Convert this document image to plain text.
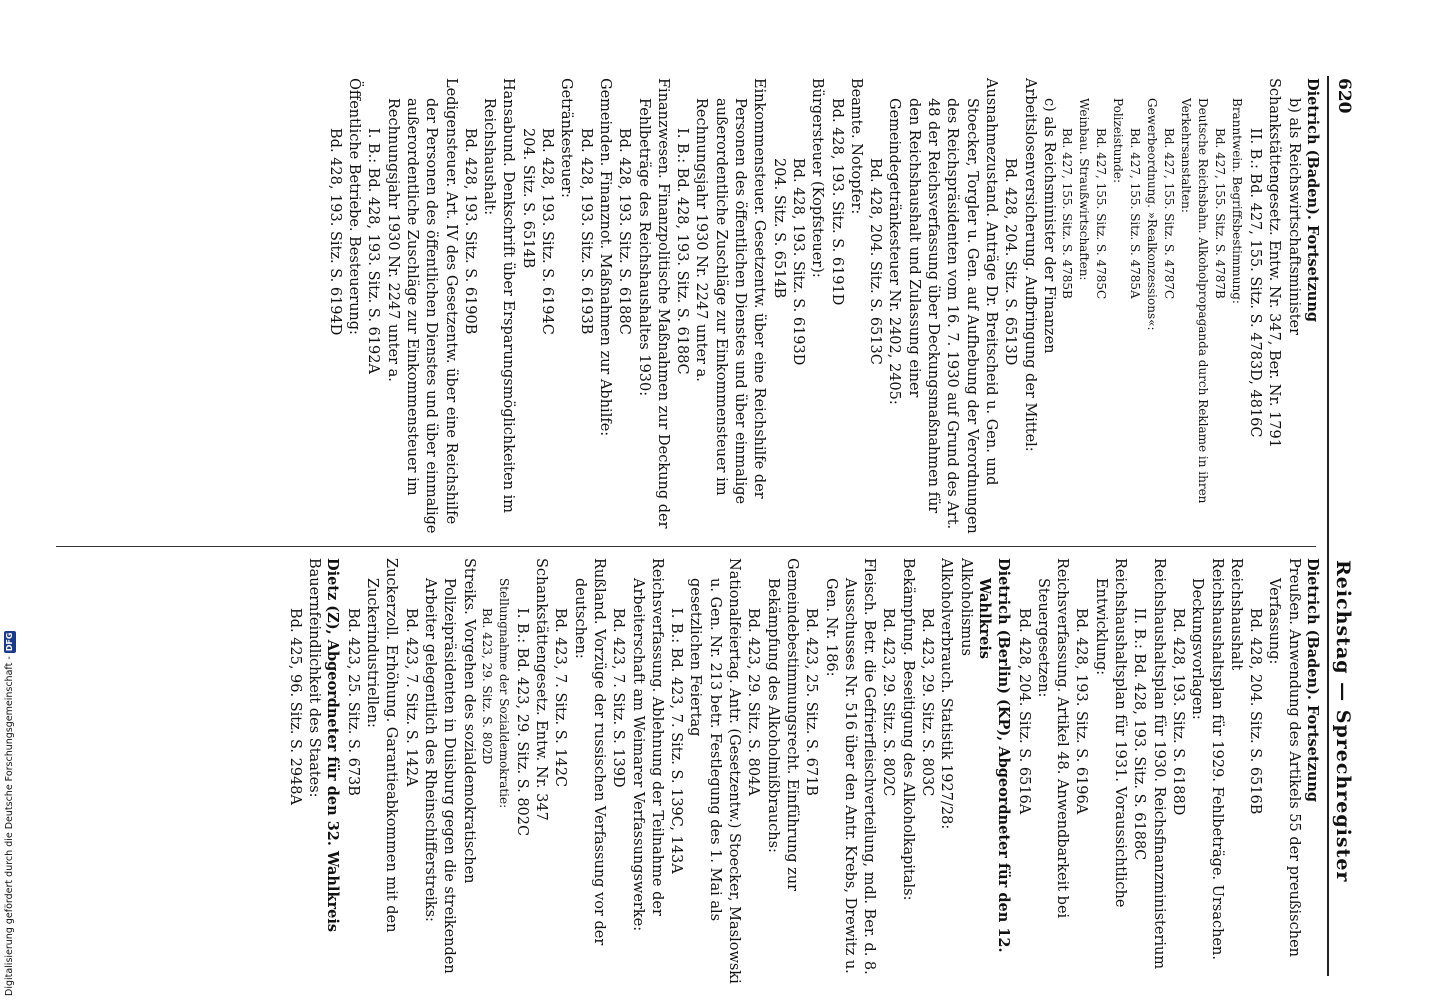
620
Reichstag — Sprechregister

Dietrich (Baden). Fortsetzung

b) als Reichswirtschaftsminister

Schankstättengesetz. Entw. Nr. 347, Ber. Nr. 1791

II. B.: Bd. 427, 155. Sitz. S. 4783D, 4816C

Branntwein. Begriffsbestimmung:

Bd. 427, 155. Sitz. S. 4787B

Deutsche Reichsbahn. Alkoholpropaganda durch Reklame in ihren Verkehrsanstalten:

Bd. 427, 155. Sitz. S. 4787C

Gewerbeordnung. »Realkonzessions«:

Bd. 427, 155. Sitz. S. 4785A

Polizeistunde:

Bd. 427, 155. Sitz. S. 4785C

Weinbau. Straußwirtschaften:

Bd. 427, 155. Sitz. S. 4785B

c) als Reichsminister der Finanzen

Arbeitslosenversicherung. Aufbringung der Mittel:

Bd. 428, 204. Sitz. S. 6513D

Ausnahmezustand. Anträge Dr. Breitscheid u. Gen. und Stoecker, Torgler u. Gen. auf Aufhebung der Verordnungen des Reichspräsidenten vom 16. 7. 1930 auf Grund des Art. 48 der Reichsverfassung über Deckungsmaßnahmen für den Reichshaushalt und Zulassung einer Gemeindegetränkesteuer Nr. 2402, 2405:

Bd. 428, 204. Sitz. S. 6513C

Beamte. Notopfer:

Bd. 428, 193. Sitz. S. 6191D

Bürgersteuer (Kopfsteuer):

Bd. 428, 193. Sitz. S. 6193D

204. Sitz. S. 6514B

Einkommensteuer. Gesetzentw. über eine Reichshilfe der Personen des öffentlichen Dienstes und über einmalige außerordentliche Zuschläge zur Einkommensteuer im Rechnungsjahr 1930 Nr. 2247 unter a.

I. B.: Bd. 428, 193. Sitz. S. 6188C

Finanzwesen. Finanzpolitische Maßnahmen zur Deckung der Fehlbeträge des Reichshaushaltes 1930:

Bd. 428, 193. Sitz. S. 6188C

Gemeinden. Finanznot. Maßnahmen zur Abhilfe:

Bd. 428, 193. Sitz. S. 6193B

Getränkesteuer:

Bd. 428, 193. Sitz. S. 6194C

204. Sitz. S. 6514B

Hansabund. Denkschrift über Ersparungsmöglichkeiten im Reichshaushalt:

Bd. 428, 193. Sitz. S. 6190B

Ledigensteuer. Art. IV des Gesetzentw. über eine Reichshilfe der Personen des öffentlichen Dienstes und über einmalige außerordentliche Zuschläge zur Einkommensteuer im Rechnungsjahr 1930 Nr. 2247 unter a.

I. B.: Bd. 428, 193. Sitz. S. 6192A

Öffentliche Betriebe. Besteuerung:

Bd. 428, 193. Sitz. S. 6194D

Dietrich (Baden). Fortsetzung

Preußen. Anwendung des Artikels 55 der preußischen Verfassung:

Bd. 428, 204. Sitz. S. 6516B

Reichshaushalt

Reichshaushaltsplan für 1929. Fehlbeträge. Ursachen. Deckungsvorlagen:

Bd. 428, 193. Sitz. S. 6188D

Reichshaushaltsplan für 1930. Reichsfinanzministerium

II. B.: Bd. 428, 193. Sitz. S. 6188C

Reichshaushaltsplan für 1931. Voraussichtliche Entwicklung:

Bd. 428, 193. Sitz. S. 6196A

Reichsverfassung. Artikel 48. Anwendbarkeit bei Steuergesetzen:

Bd. 428, 204. Sitz. S. 6516A

Dietrich (Berlin) (KP), Abgeordneter für den 12. Wahlkreis

Alkoholismus

Alkoholverbrauch. Statistik 1927/28:

Bd. 423, 29. Sitz. S. 803C

Bekämpfung. Beseitigung des Alkoholkapitals:

Bd. 423, 29. Sitz. S. 802C

Fleisch. Betr. die Gefrierfleischverteilung, mdl. Ber. d. 8. Ausschusses Nr. 516 über den Antr. Krebs, Drewitz u. Gen. Nr. 186:

Bd. 423, 25. Sitz. S. 671B

Gemeindebestimmungsrecht. Einführung zur Bekämpfung des Alkoholmißbrauchs:

Bd. 423, 29. Sitz. S. 804A

Nationalfeiertag. Antr. (Gesetzentw.) Stoecker, Maslowski u. Gen. Nr. 213 betr. Festlegung des 1. Mai als gesetzlichen Feiertag

I. B.: Bd. 423, 7. Sitz. S. 139C, 143A

Reichsverfassung. Ablehnung der Teilnahme der Arbeiterschaft am Weimarer Verfassungswerke:

Bd. 423, 7. Sitz. S. 139D

Rußland. Vorzüge der russischen Verfassung vor der deutschen:

Bd. 423, 7. Sitz. S. 142C

Schankstättengesetz. Entw. Nr. 347

I. B.: Bd. 423, 29. Sitz. S. 802C

Stellungnahme der Sozialdemokratie:

Bd. 423, 29. Sitz. S. 802D

Streiks. Vorgehen des sozialdemokratischen Polizeipräsidenten in Duisburg gegen die streikenden Arbeiter gelegentlich des Rheinschifferstreiks:

Bd. 423, 7. Sitz. S. 142A

Zuckerzoll. Erhöhung. Garantieabkommen mit den Zuckerindustriellen:

Bd. 423, 25. Sitz. S. 673B

Dietz (Z), Abgeordneter für den 32. Wahlkreis

Bauernfeindlichkeit des Staates:

Bd. 425, 96. Sitz. S. 2948A

Digitalisierung gefördert durch die Deutsche Forschungsgemeinschaft -DFG
